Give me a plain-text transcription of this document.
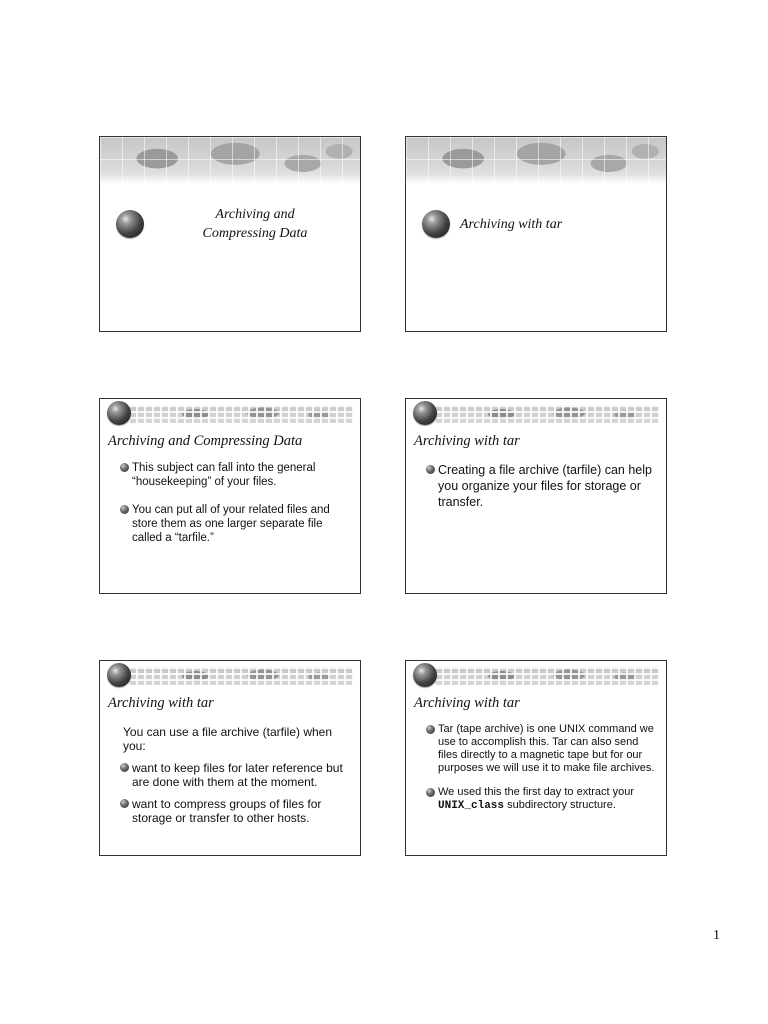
Archiving and
Compressing Data
Archiving with tar
Archiving and Compressing Data
This subject can fall into the general “housekeeping” of your files.
You can put all of your related files and store them as one larger separate file called a “tarfile.”
Archiving with tar
Creating a file archive (tarfile) can help you organize your files for storage or transfer.
Archiving with tar
You can use a file archive (tarfile) when you:
want to keep files for later reference but are done with them at the moment.
want to compress groups of files for storage or transfer to other hosts.
Archiving with tar
Tar (tape archive) is one UNIX command we use to accomplish this. Tar can also send files directly to a magnetic tape but for our purposes we will use it to make file archives.
We used this the first day to extract your UNIX_class subdirectory structure.
1
